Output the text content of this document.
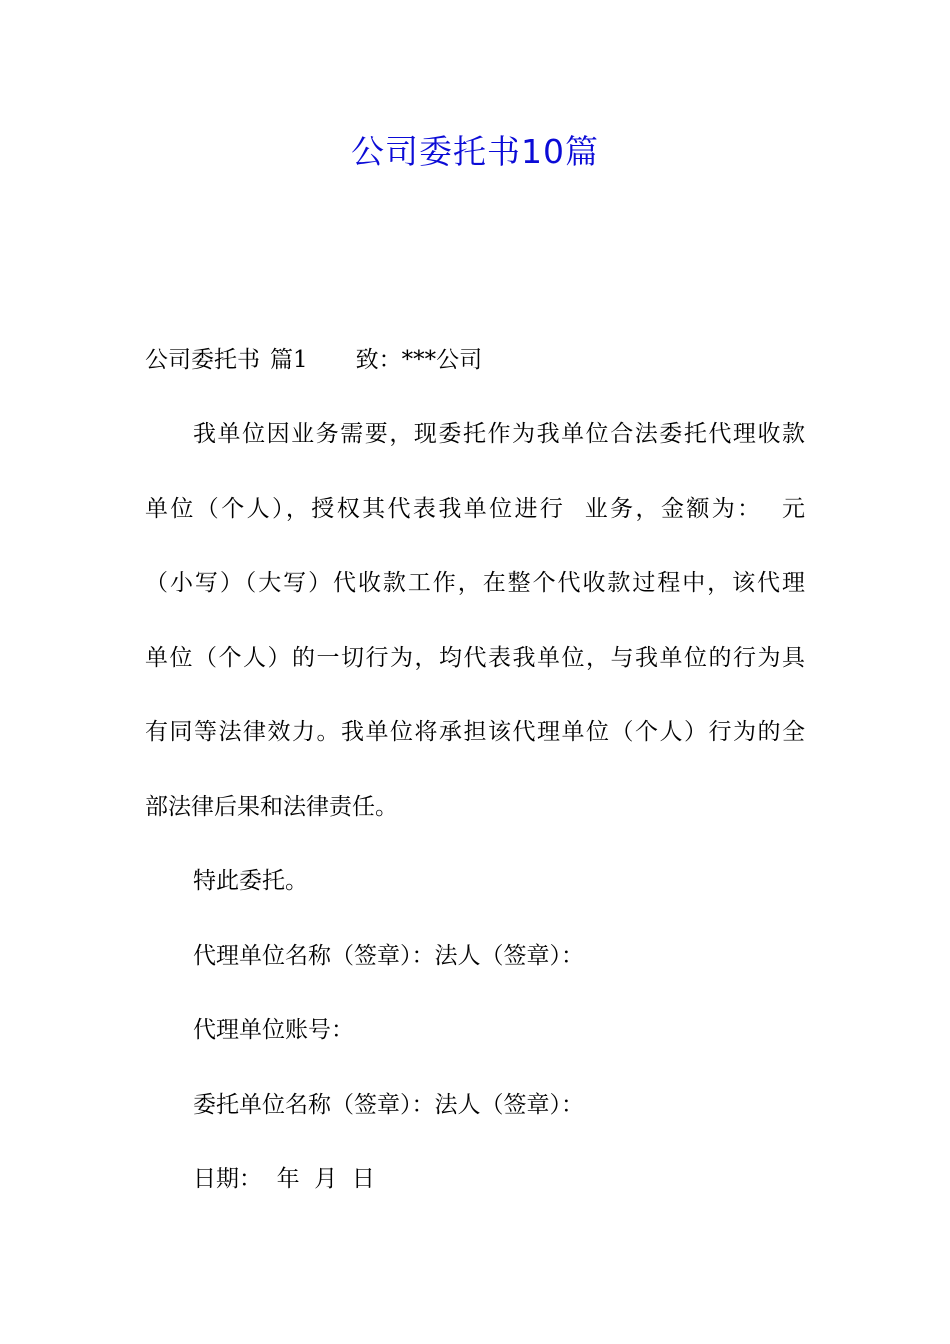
公司委托书10篇
公司委托书 篇1 致：***公司
我单位因业务需要，现委托作为我单位合法委托代理收款
单位（个人），授权其代表我单位进行  业务，金额为：  元
（小写）（大写）代收款工作，在整个代收款过程中，该代理
单位（个人）的一切行为，均代表我单位，与我单位的行为具
有同等法律效力。我单位将承担该代理单位（个人）行为的全
部法律后果和法律责任。
特此委托。
代理单位名称（签章）：法人（签章）：
代理单位账号：
委托单位名称（签章）：法人（签章）：
日期：  年  月  日
